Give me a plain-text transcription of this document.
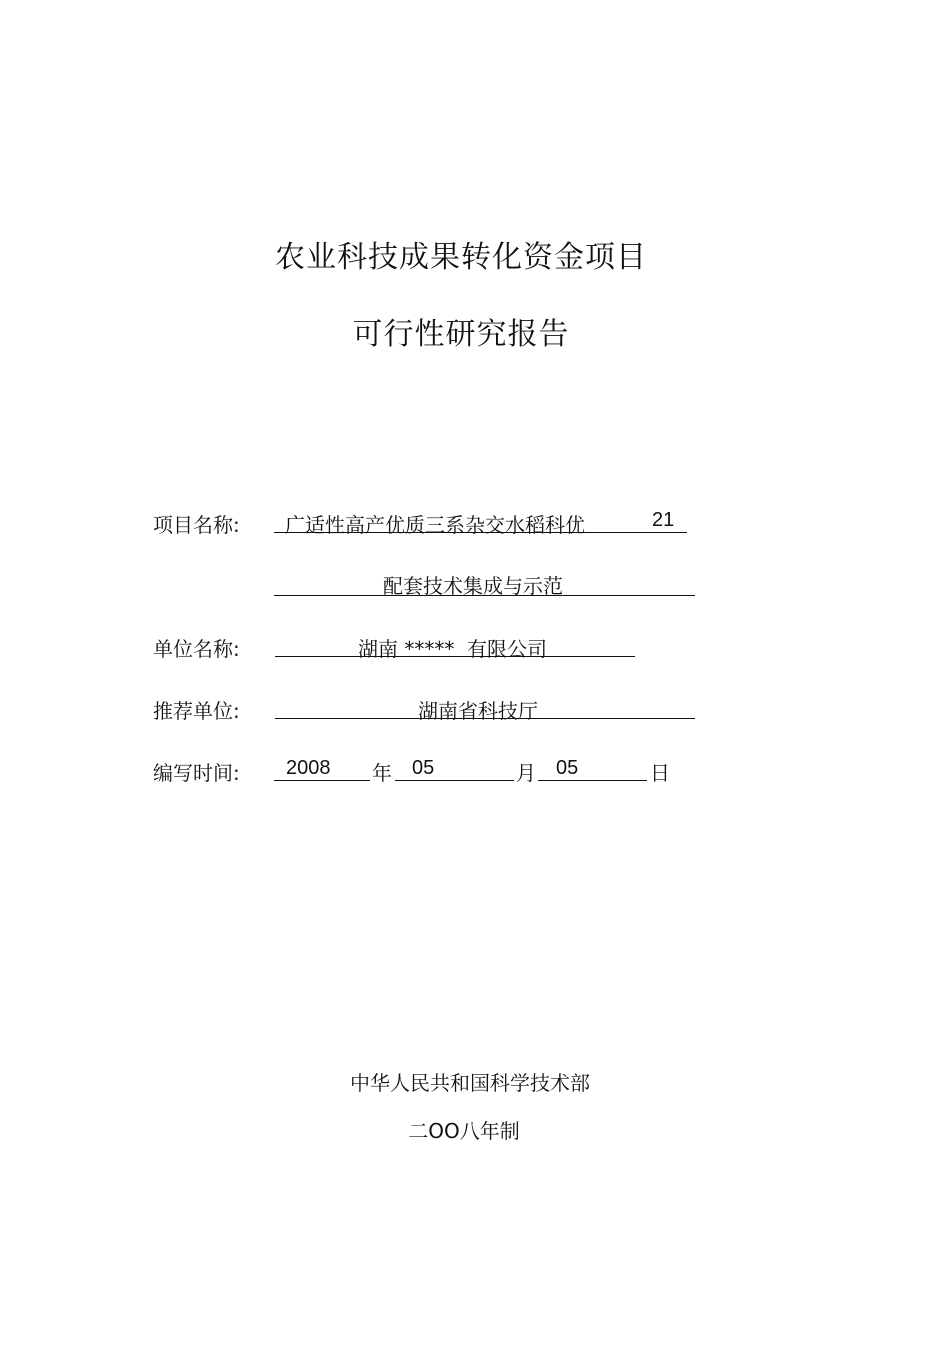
农业科技成果转化资金项目
可行性研究报告
项目名称: 广适性高产优质三系杂交水稻科优	21
配套技术集成与示范
单位名称:	湖南 ***** 有限公司
推荐单位:	湖南省科技厅
编写时间: 2008 年 05	月 05	日
中华人民共和国科学技术部
二OO八年制
